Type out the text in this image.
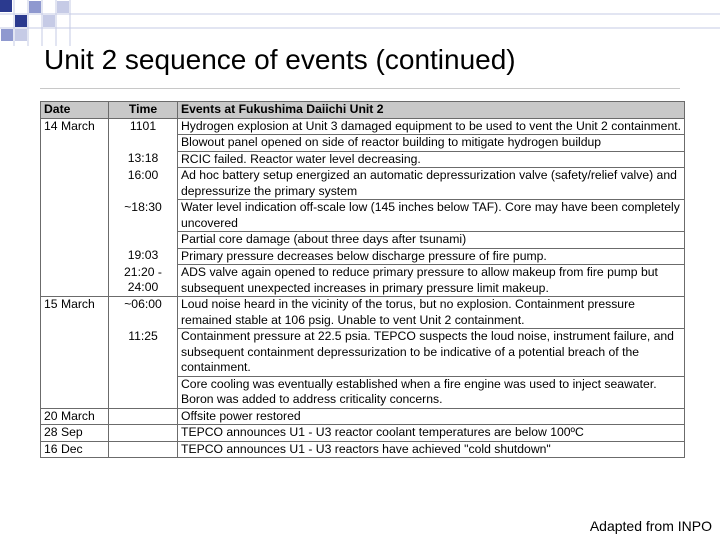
Unit 2 sequence of events (continued)
Date	Time	Events at Fukushima Daiichi Unit 2
14 March	1101	Hydrogen explosion at Unit 3 damaged equipment to be used to vent the Unit 2 containment.
		Blowout panel opened on side of reactor building to mitigate hydrogen buildup
	13:18	RCIC failed. Reactor water level decreasing.
	16:00	Ad hoc battery setup energized an automatic depressurization valve (safety/relief valve) and depressurize the primary system
	~18:30	Water level indication off-scale low (145 inches below TAF). Core may have been completely uncovered
		Partial core damage (about three days after tsunami)
	19:03	Primary pressure decreases below discharge pressure of fire pump.
	21:20 - 24:00	ADS valve again opened to reduce primary pressure to allow makeup from fire pump but subsequent unexpected increases in primary pressure limit makeup.
15 March	~06:00	Loud noise heard in the vicinity of the torus, but no explosion. Containment pressure remained stable at 106 psig. Unable to vent Unit 2 containment.
	11:25	Containment pressure at 22.5 psia. TEPCO suspects the loud noise, instrument failure, and subsequent containment depressurization to be indicative of a potential breach of the containment.
		Core cooling was eventually established when a fire engine was used to inject seawater. Boron was added to address criticality concerns.
20 March		Offsite power restored
28 Sep		TEPCO announces U1 - U3 reactor coolant temperatures are below 100ºC
16 Dec		TEPCO announces U1 - U3 reactors have achieved "cold shutdown"
Adapted from INPO
